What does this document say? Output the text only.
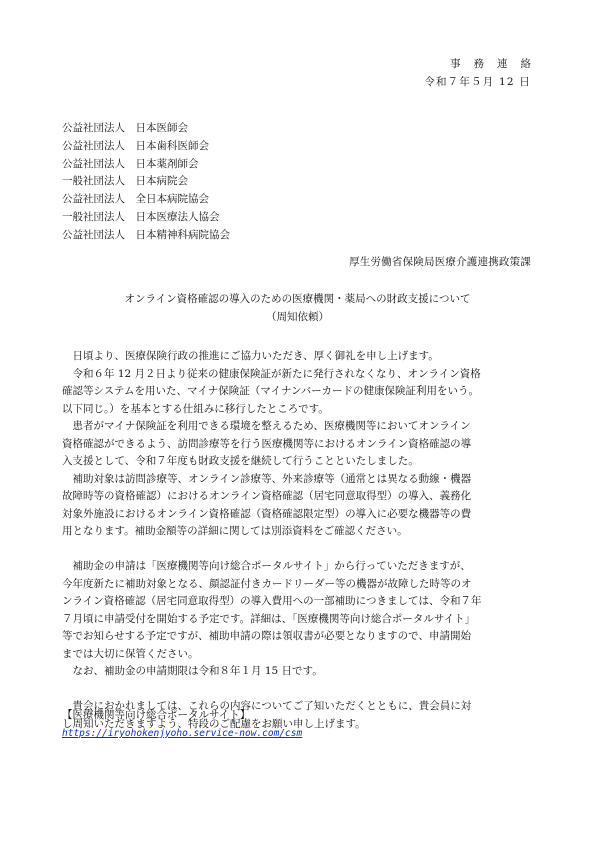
事務連絡
令和７年５月 12 日
公益社団法人　日本医師会
公益社団法人　日本歯科医師会
公益社団法人　日本薬剤師会
一般社団法人　日本病院会
公益社団法人　全日本病院協会
一般社団法人　日本医療法人協会
公益社団法人　日本精神科病院協会
厚生労働省保険局医療介護連携政策課
オンライン資格確認の導入のための医療機関・薬局への財政支援について
（周知依頼）
　日頃より、医療保険行政の推進にご協力いただき、厚く御礼を申し上げます。
　令和６年 12 月２日より従来の健康保険証が新たに発行されなくなり、オンライン資格
確認等システムを用いた、マイナ保険証（マイナンバーカードの健康保険証利用をいう。
以下同じ。）を基本とする仕組みに移行したところです。
　患者がマイナ保険証を利用できる環境を整えるため、医療機関等においてオンライン
資格確認ができるよう、訪問診療等を行う医療機関等におけるオンライン資格確認の導
入支援として、令和７年度も財政支援を継続して行うことといたしました。
　補助対象は訪問診療等、オンライン診療等、外来診療等（通常とは異なる動線・機器
故障時等の資格確認）におけるオンライン資格確認（居宅同意取得型）の導入、義務化
対象外施設におけるオンライン資格確認（資格確認限定型）の導入に必要な機器等の費
用となります。補助金額等の詳細に関しては別添資料をご確認ください。
　補助金の申請は「医療機関等向け総合ポータルサイト」から行っていただきますが、
今年度新たに補助対象となる、顔認証付きカードリーダー等の機器が故障した時等のオ
ンライン資格確認（居宅同意取得型）の導入費用への一部補助につきましては、令和７年
７月頃に申請受付を開始する予定です。詳細は、「医療機関等向け総合ポータルサイト」
等でお知らせする予定ですが、補助申請の際は領収書が必要となりますので、申請開始
までは大切に保管ください。
　なお、補助金の申請期限は令和８年１月 15 日です。
　貴会におかれましては、これらの内容についてご了知いただくとともに、貴会員に対
し周知いただきますよう、特段のご配慮をお願い申し上げます。
【医療機関等向け総合ポータルサイト】
https://iryohokenjyoho.service-now.com/csm
